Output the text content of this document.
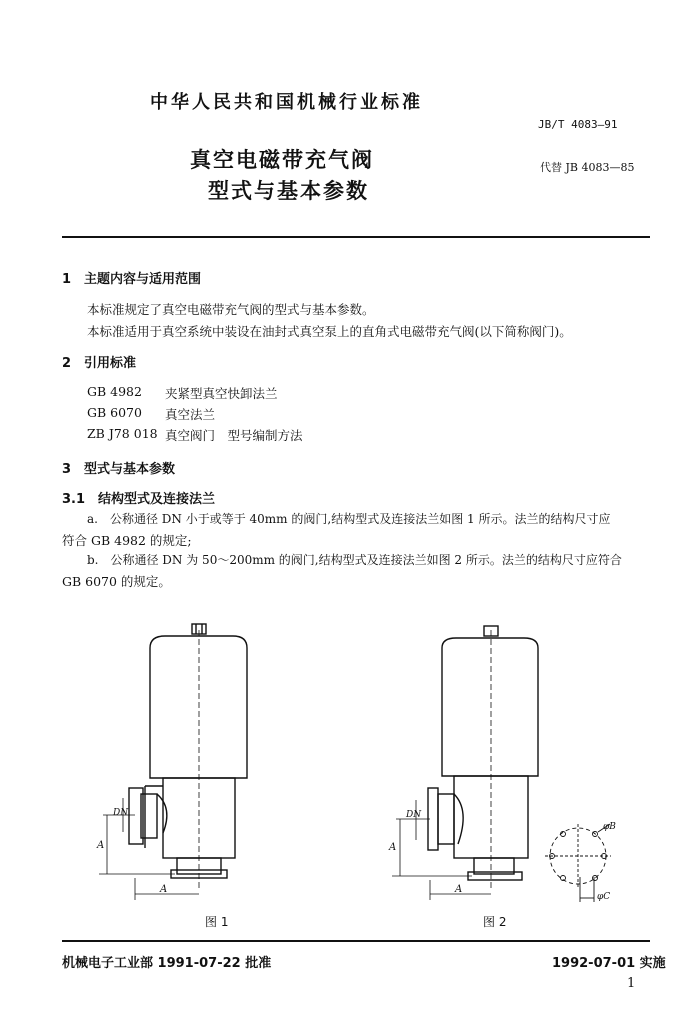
中华人民共和国机械行业标准
JB/T 4083—91
真空电磁带充气阀
型式与基本参数
代替 JB 4083—85
1　主题内容与适用范围
本标准规定了真空电磁带充气阀的型式与基本参数。
本标准适用于真空系统中装设在油封式真空泵上的直角式电磁带充气阀(以下简称阀门)。
2　引用标准
GB 4982 夹紧型真空快卸法兰
GB 6070 真空法兰
ZB J78 018 真空阀门　型号编制方法
3　型式与基本参数
3.1　结构型式及连接法兰
a.　公称通径 DN 小于或等于 40mm 的阀门,结构型式及连接法兰如图 1 所示。法兰的结构尺寸应
符合 GB 4982 的规定;
b.　公称通径 DN 为 50～200mm 的阀门,结构型式及连接法兰如图 2 所示。法兰的结构尺寸应符合
GB 6070 的规定。
A
DN
A
图 1
A
DN
A
图 2
φB
φC
机械电子工业部 1991-07-22 批准	1992-07-01 实施
1
